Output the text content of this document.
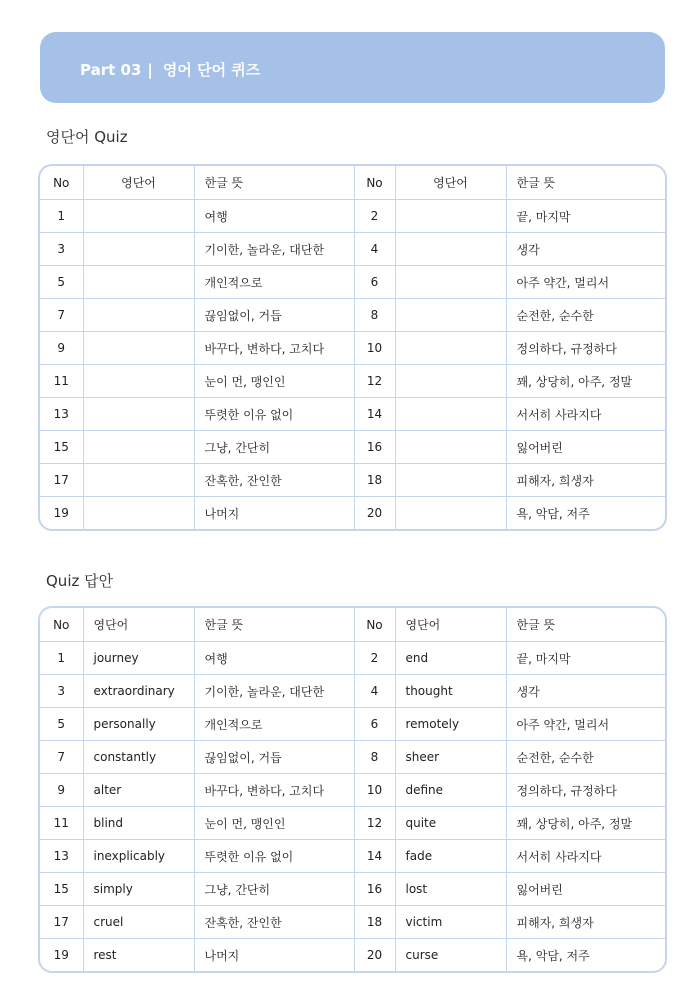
Part 03 | 영어 단어 퀴즈
영단어 Quiz
No	영단어	한글 뜻	No	영단어	한글 뜻
1		여행	2		끝, 마지막
3		기이한, 놀라운, 대단한	4		생각
5		개인적으로	6		아주 약간, 멀리서
7		끊임없이, 거듭	8		순전한, 순수한
9		바꾸다, 변하다, 고치다	10		정의하다, 규정하다
11		눈이 먼, 맹인인	12		꽤, 상당히, 아주, 정말
13		뚜렷한 이유 없이	14		서서히 사라지다
15		그냥, 간단히	16		잃어버린
17		잔혹한, 잔인한	18		피해자, 희생자
19		나머지	20		욕, 악담, 저주
Quiz 답안
No	영단어	한글 뜻	No	영단어	한글 뜻
1	journey	여행	2	end	끝, 마지막
3	extraordinary	기이한, 놀라운, 대단한	4	thought	생각
5	personally	개인적으로	6	remotely	아주 약간, 멀리서
7	constantly	끊임없이, 거듭	8	sheer	순전한, 순수한
9	alter	바꾸다, 변하다, 고치다	10	define	정의하다, 규정하다
11	blind	눈이 먼, 맹인인	12	quite	꽤, 상당히, 아주, 정말
13	inexplicably	뚜렷한 이유 없이	14	fade	서서히 사라지다
15	simply	그냥, 간단히	16	lost	잃어버린
17	cruel	잔혹한, 잔인한	18	victim	피해자, 희생자
19	rest	나머지	20	curse	욕, 악담, 저주
